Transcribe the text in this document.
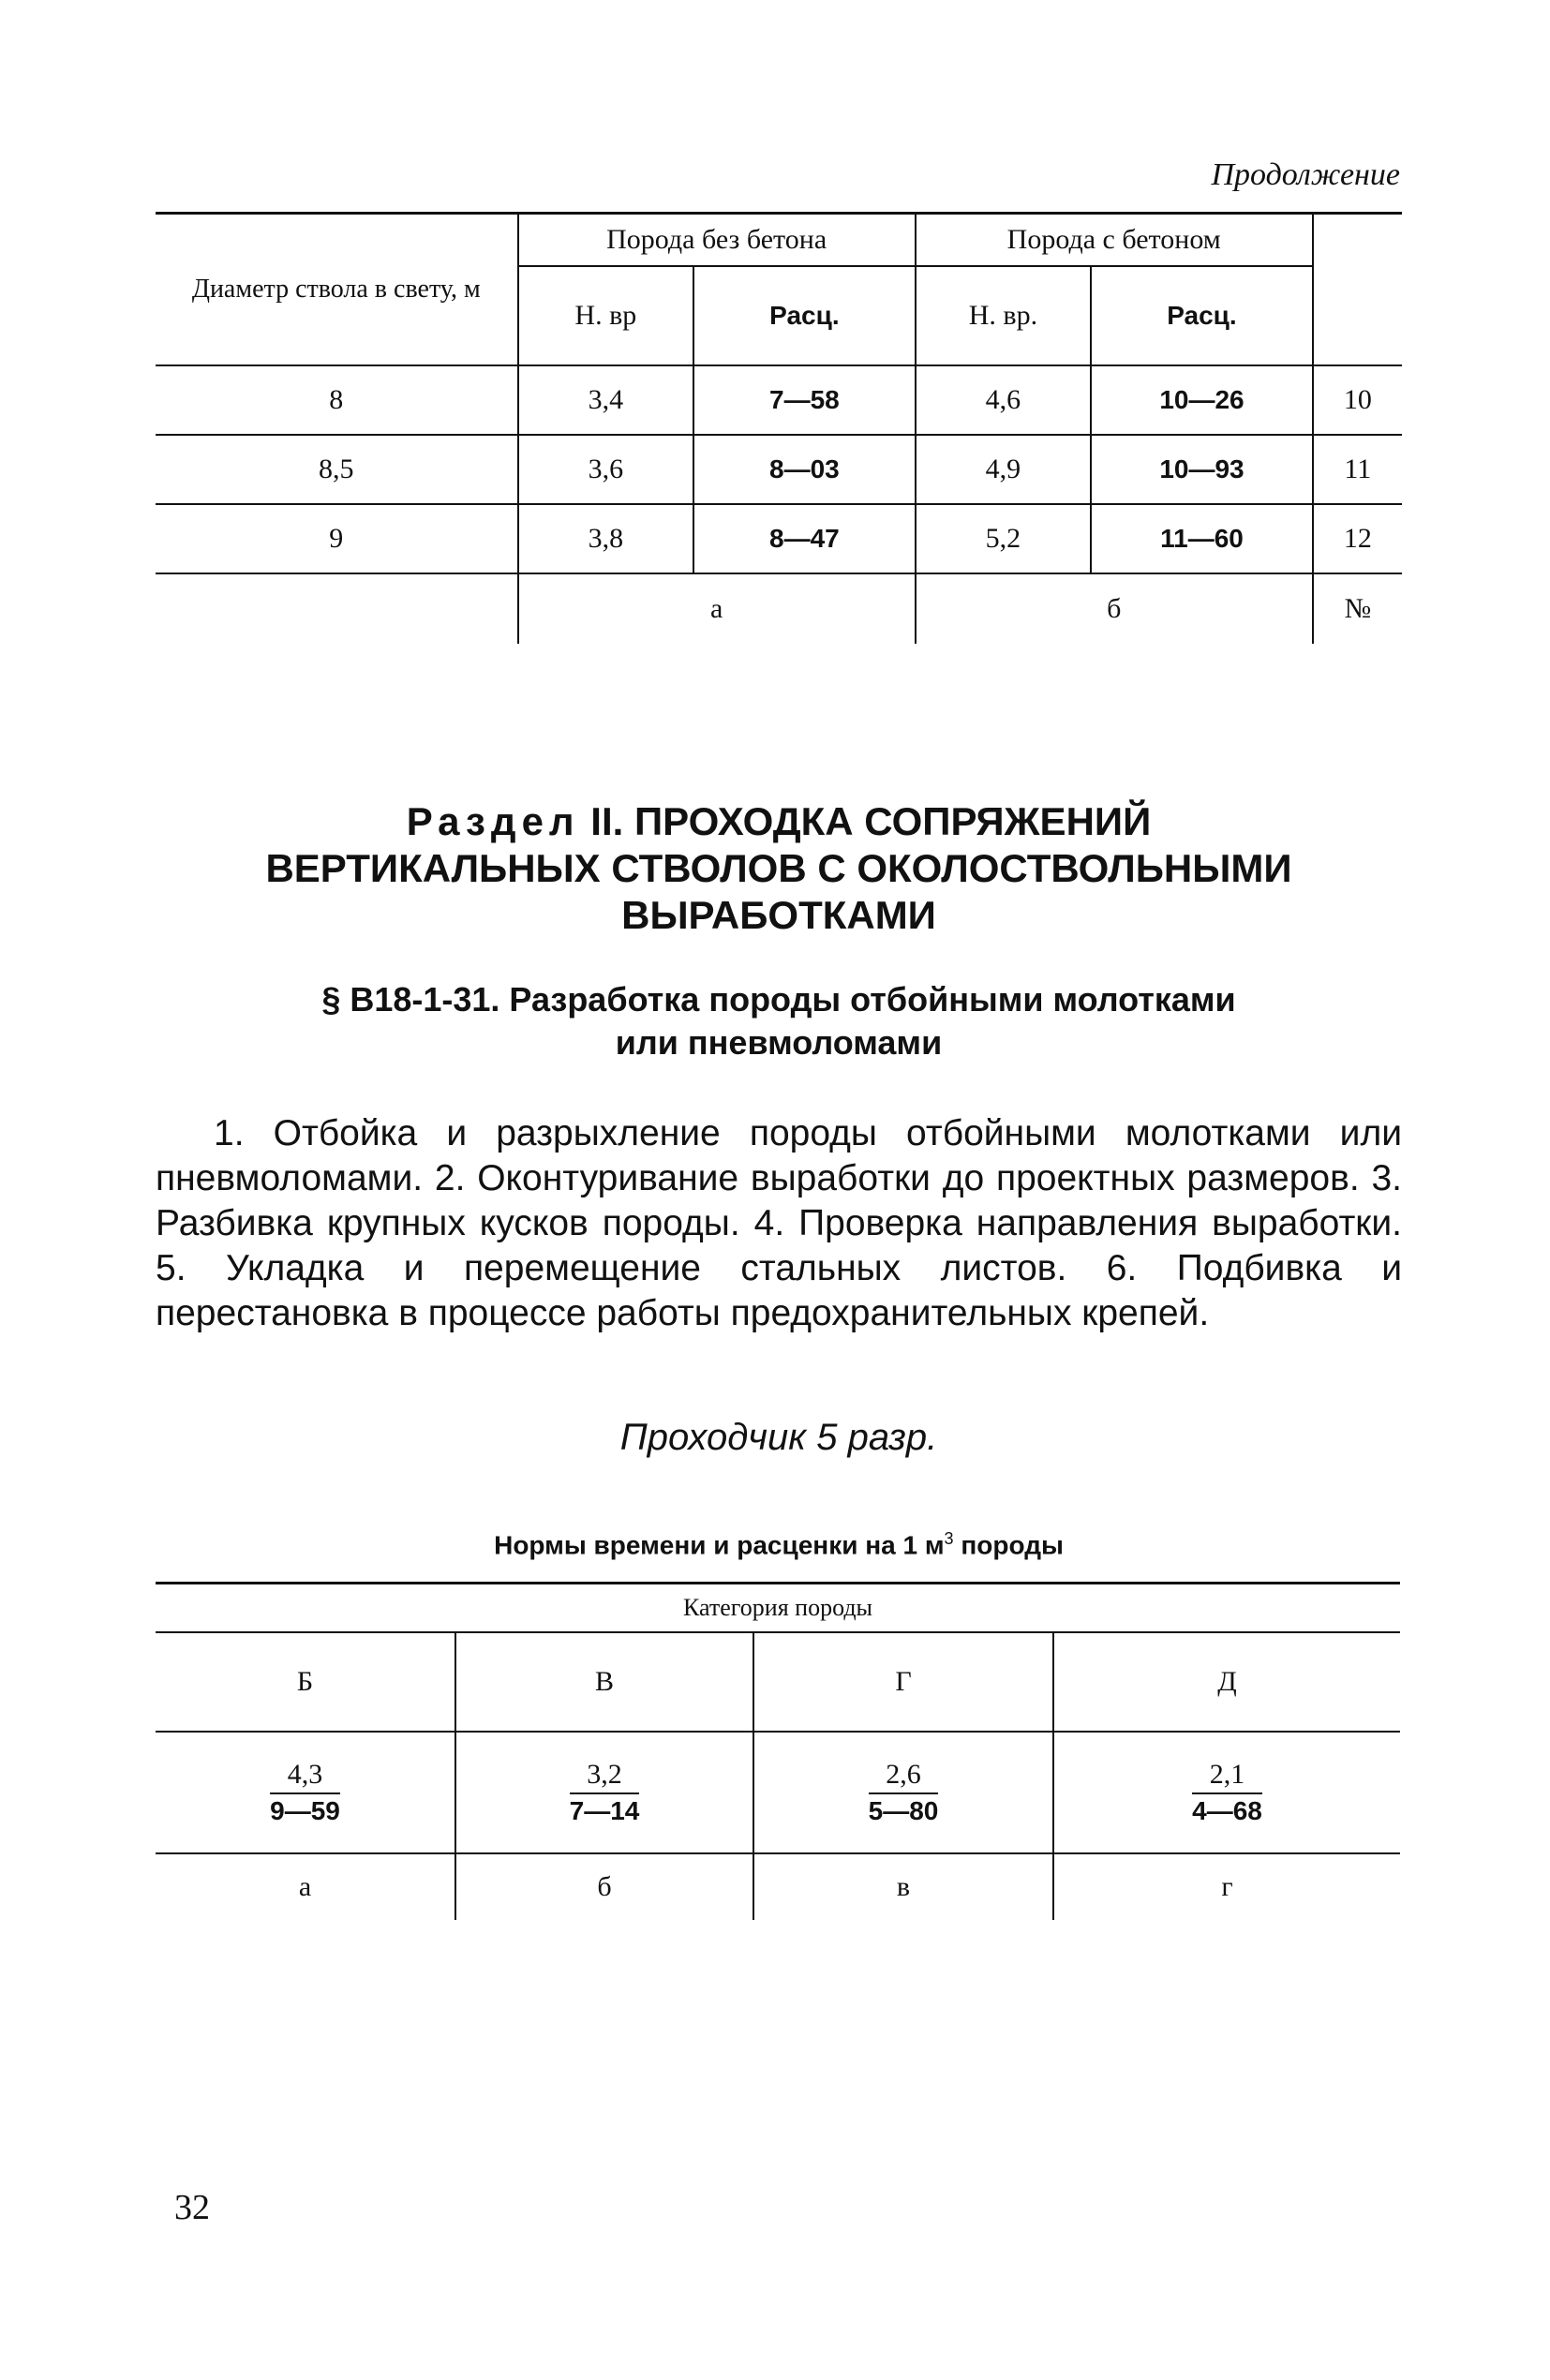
Продолжение
Диаметр ствола в свету, м	Порода без бетона		Порода с бетоном		
	Н. вр	Расц.	Н. вр.	Расц.	
8	3,4	7—58	4,6	10—26	10
8,5	3,6	8—03	4,9	10—93	11
9	3,8	8—47	5,2	11—60	12
	а		б		№
Раздел II. ПРОХОДКА СОПРЯЖЕНИЙ
ВЕРТИКАЛЬНЫХ СТВОЛОВ С ОКОЛОСТВОЛЬНЫМИ
ВЫРАБОТКАМИ
§ В18-1-31. Разработка породы отбойными молотками
или пневмоломами

1. Отбойка и разрыхление породы отбойными молотками или пневмоломами. 2. Оконтуривание выработки до проектных размеров. 3. Разбивка крупных кусков породы. 4. Проверка направления выработки. 5. Укладка и перемещение стальных листов. 6. Подбивка и перестановка в процессе работы предохранительных крепей.

Проходчик 5 разр.
Нормы времени и расценки на 1 $м^3$ породы
Категория породы			
Б	В	Г	Д

$\frac{4,3}{9—59}$	$\frac{3,2}{7—14}$	$\frac{2,6}{5—80}$	$\frac{2,1}{4—68}$

а	б	в	г
32
